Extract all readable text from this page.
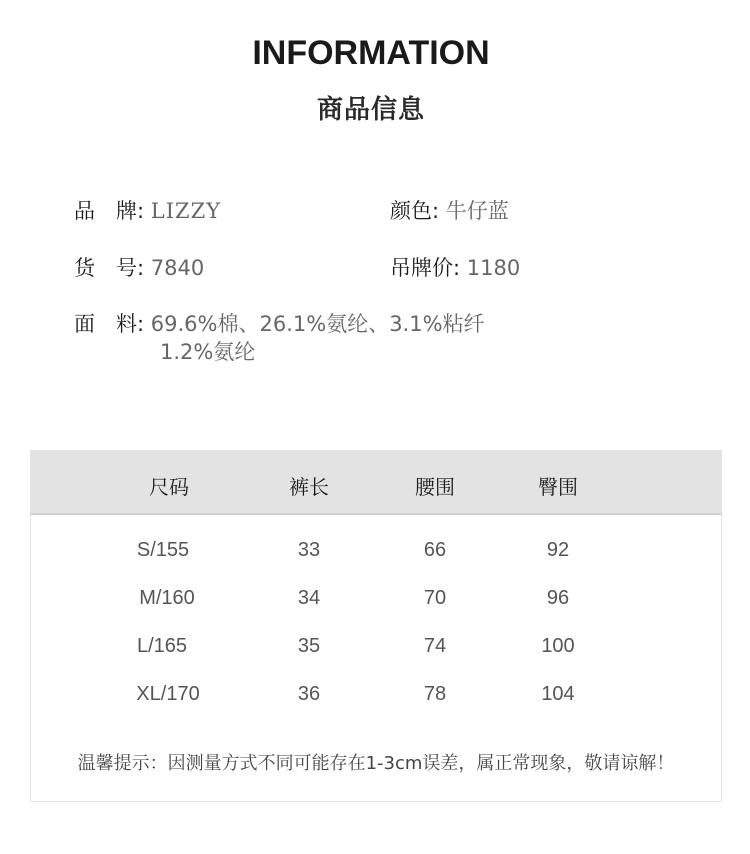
INFORMATION
商品信息
品　牌: LIZZY	颜色: 牛仔蓝
货　号: 7840	吊牌价: 1180
面　料: 69.6%棉、26.1%氨纶、3.1%粘纤
1.2%氨纶
尺码	裤长	腰围	臀围
S/155	33	66	92
M/160	34	70	96
L/165	35	74	100
XL/170	36	78	104
温馨提示：因测量方式不同可能存在1-3cm误差，属正常现象，敬请谅解！
